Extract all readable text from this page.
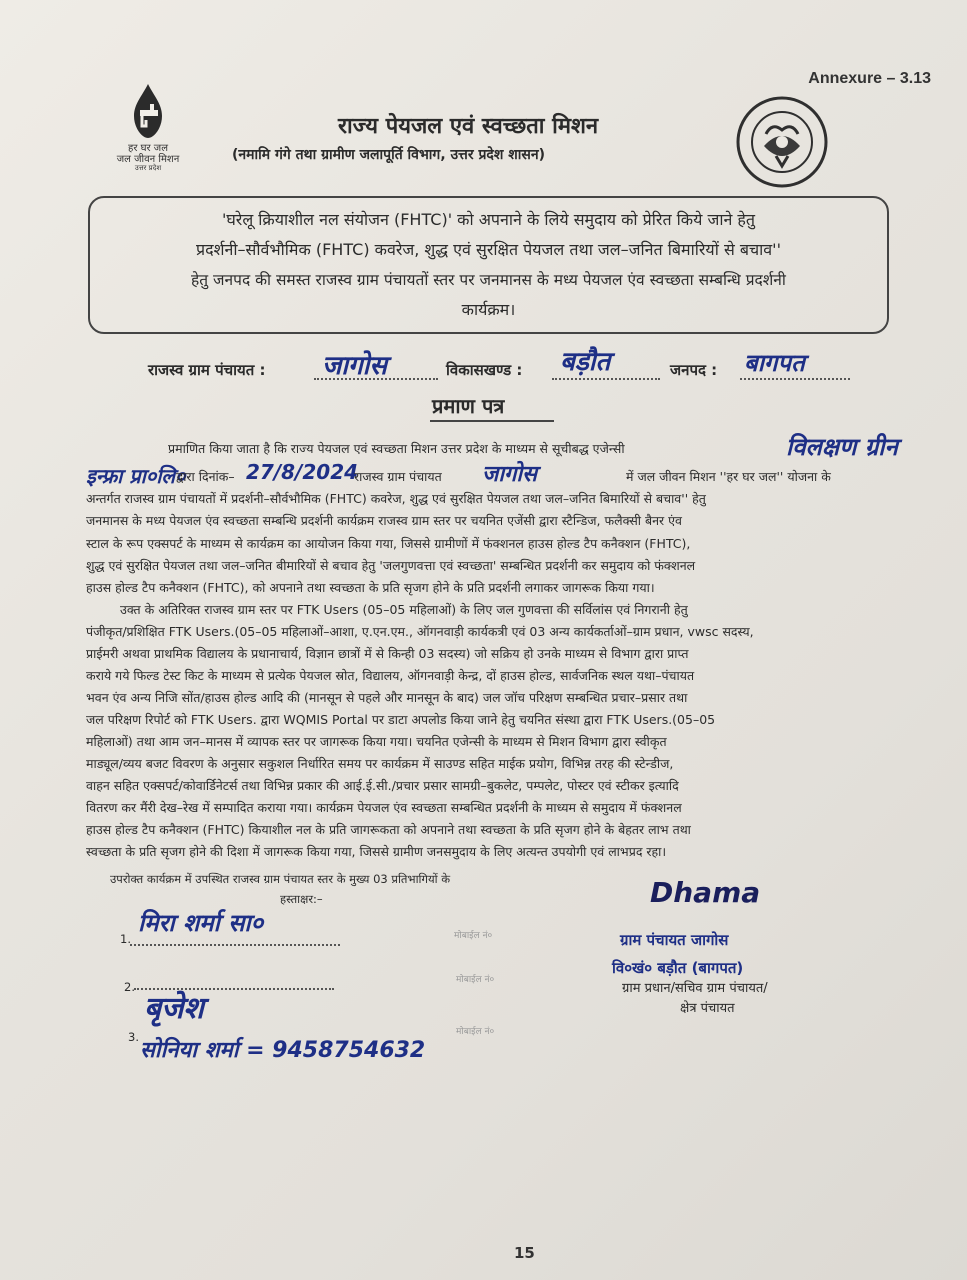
Annexure – 3.13
हर घर जल
जल जीवन मिशन
उत्तर प्रदेश
राज्य पेयजल एवं स्वच्छता मिशन
(नमामि गंगे तथा ग्रामीण जलापूर्ति विभाग, उत्तर प्रदेश शासन)
'घरेलू क्रियाशील नल संयोजन (FHTC)' को अपनाने के लिये समुदाय को प्रेरित किये जाने हेतु
प्रदर्शनी–सौर्वभौमिक (FHTC) कवरेज, शुद्ध एवं सुरक्षित पेयजल तथा जल–जनित बिमारियों से बचाव''
हेतु जनपद की समस्त राजस्व ग्राम पंचायतों स्तर पर जनमानस के मध्य पेयजल एंव स्वच्छता सम्बन्धि प्रदर्शनी
कार्यक्रम।
राजस्व ग्राम पंचायत : जागोस	विकासखण्ड : बड़ौत	जनपद : बागपत
प्रमाण पत्र
प्रमाणित किया जाता है कि राज्य पेयजल एवं स्वच्छता मिशन उत्तर प्रदेश के माध्यम से सूचीबद्ध एजेन्सी	विलक्षण ग्रीन
इन्फ्रा प्रा०लि०
द्वारा दिनांक– 27/8/2024
राजस्व ग्राम पंचायत जागोस	में जल जीवन मिशन ''हर घर जल'' योजना के
अन्तर्गत राजस्व ग्राम पंचायतों में प्रदर्शनी–सौर्वभौमिक (FHTC) कवरेज, शुद्ध एवं सुरक्षित पेयजल तथा जल–जनित बिमारियों से बचाव'' हेतु
जनमानस के मध्य पेयजल एंव स्वच्छता सम्बन्धि प्रदर्शनी कार्यक्रम राजस्व ग्राम स्तर पर चयनित एजेंसी द्वारा स्टैन्डिज, फलैक्सी बैनर एंव
स्टाल के रूप एक्सपर्ट के माध्यम से कार्यक्रम का आयोजन किया गया, जिससे ग्रामीणों में फंक्शनल हाउस होल्ड टैप कनैक्शन (FHTC),
शुद्ध एवं सुरक्षित पेयजल तथा जल–जनित बीमारियों से बचाव हेतु 'जलगुणवत्ता एवं स्वच्छता' सम्बन्धित प्रदर्शनी कर समुदाय को फंक्शनल
हाउस होल्ड टैप कनैक्शन (FHTC), को अपनाने तथा स्वच्छता के प्रति सृजग होने के प्रति प्रदर्शनी लगाकर जागरूक किया गया।
उक्त के अतिरिक्त राजस्व ग्राम स्तर पर FTK Users (05–05 महिलाओं) के लिए जल गुणवत्ता की सर्विलांस एवं निगरानी हेतु
पंजीकृत/प्रशिक्षित FTK Users.(05–05 महिलाओं–आशा, ए.एन.एम., ऑगनवाड़ी कार्यकत्री एवं 03 अन्य कार्यकर्ताओं–ग्राम प्रधान, vwsc सदस्य,
प्राईमरी अथवा प्राथमिक विद्यालय के प्रधानाचार्य, विज्ञान छात्रों में से किन्ही 03 सदस्य) जो सक्रिय हो उनके माध्यम से विभाग द्वारा प्राप्त
कराये गये फिल्ड टेस्ट किट के माध्यम से प्रत्येक पेयजल स्रोत, विद्यालय, ऑगनवाड़ी केन्द्र, दों हाउस होल्ड, सार्वजनिक स्थल यथा–पंचायत
भवन एंव अन्य निजि सोंत/हाउस होल्ड आदि की (मानसून से पहले और मानसून के बाद) जल जॉच परिक्षण सम्बन्धित प्रचार–प्रसार तथा
जल परिक्षण रिपोर्ट को FTK Users. द्वारा WQMIS Portal पर डाटा अपलोड किया जाने हेतु चयनित संस्था द्वारा FTK Users.(05–05
महिलाओं) तथा आम जन–मानस में व्यापक स्तर पर जागरूक किया गया। चयनित एजेन्सी के माध्यम से मिशन विभाग द्वारा स्वीकृत
माड्यूल/व्यय बजट विवरण के अनुसार सकुशल निर्धारित समय पर कार्यक्रम में साउण्ड सहित माईक प्रयोग, विभिन्न तरह की स्टेन्डीज,
वाहन सहित एक्सपर्ट/कोवार्डिनेटर्स तथा विभिन्न प्रकार की आई.ई.सी./प्रचार प्रसार सामग्री–बुकलेट, पम्पलेट, पोस्टर एवं स्टीकर इत्यादि
वितरण कर मैंरी देख–रेख में सम्पादित कराया गया। कार्यक्रम पेयजल एंव स्वच्छता सम्बन्धित प्रदर्शनी के माध्यम से समुदाय में फंक्शनल
हाउस होल्ड टैप कनैक्शन (FHTC) कियाशील नल के प्रति जागरूकता को अपनाने तथा स्वच्छता के प्रति सृजग होने के बेहतर लाभ तथा
स्वच्छता के प्रति सृजग होने की दिशा में जागरूक किया गया, जिससे ग्रामीण जनसमुदाय के लिए अत्यन्त उपयोगी एवं लाभप्रद रहा।
उपरोक्त कार्यक्रम में उपस्थित राजस्व ग्राम पंचायत स्तर के मुख्य 03 प्रतिभागियों के
हस्ताक्षर:–
1.
मिरा शर्मा सा०	मोबाईल नं०
2.
बृजेश
मोबाईल नं०
3.
सोनिया शर्मा = 9458754632
मोबाईल नं०
Dhama
ग्राम पंचायत जागोस
वि०खं० बड़ौत (बागपत)
ग्राम प्रधान/सचिव ग्राम पंचायत/
क्षेत्र पंचायत
15
